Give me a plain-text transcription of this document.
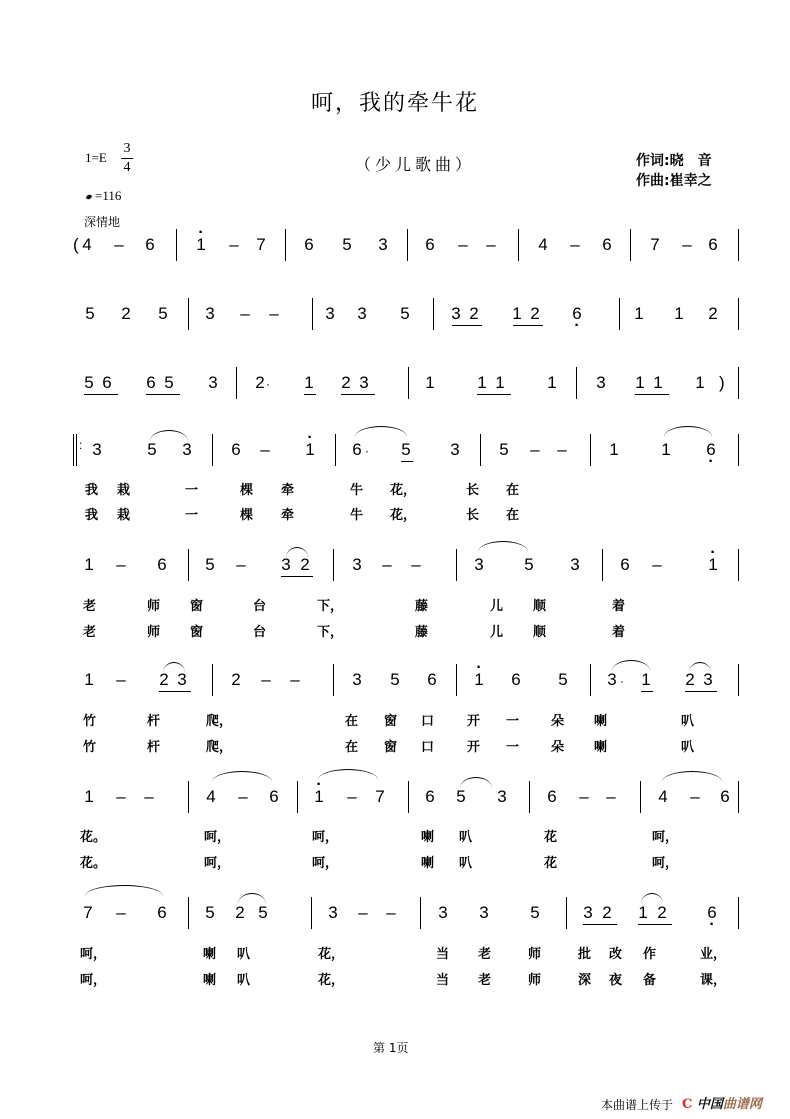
呵，我的牵牛花
（少儿歌曲）	作词:晓　音
作曲:崔幸之
1=E
3
4
=116
深情地
( 4 – 6 · 1 – 7 6 5 3 6 – –	4 – 6 7 – 6
5 2 5 3 – –	3 3 5 3 2 1 2 6 ·	1 1 2
5 6 6 5 3 2 · 1 2 3	1	1 1	1 3 1 1 1 )
: 3	5 3 6 – · 1 6 · 5 3 5 – –	1	1 6 ·
我 栽	一	棵 牵	牛 花，	长 在
我 栽	一	棵 牵	牛 花，	长 在
1 – 6 5 – 3 2	3 – –	3 5 3 6 –	· 1
老	师 窗	台	下，	藤	儿 顺	着
老	师 窗	台	下，	藤	儿 顺	着
1 – 2 3	2 – –	3 5 6 · 1 6 5 3 · 1 2 3
竹	杆	爬，	在 窗 口	开 一 朵 喇	叭
竹	杆	爬，	在 窗 口	开 一 朵 喇	叭
1 – –	4 – 6 · 1 – 7 6 5 3 6 – –	4 – 6
花。	呵，	呵，	喇 叭	花	呵，
花。	呵，	呵，	喇 叭	花	呵，
7 – 6 5 2 5	3 – –	3 3 5	3 2 1 2 6 ·
呵，	喇 叭	花，	当 老	师	批 改 作	业，
呵，	喇 叭	花，	当 老	师	深 夜 备	课，
第 1页
本曲谱上传于 C 中国曲谱网
